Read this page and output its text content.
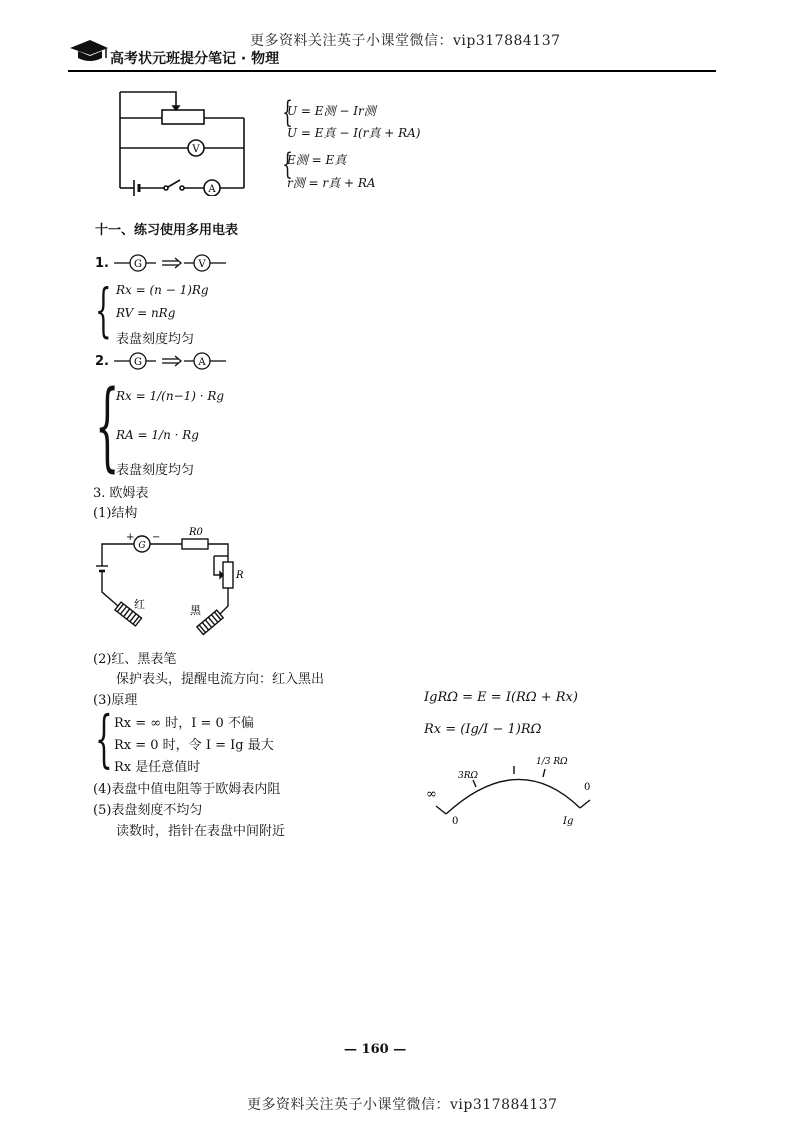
更多资料关注英子小课堂微信：vip317884137
高考状元班提分笔记 · 物理
V
A
{
U = E测 − Ir测
U = E真 − I(r真 + RA)
{
E测 = E真
r测 = r真 + RA
十一、练习使用多用电表
1.	G	V
{ Rx = (n − 1)Rg
RV = nRg
表盘刻度均匀
2.	G	A
{
Rx = 1/(n−1) · Rg
RA = 1/n · Rg
表盘刻度均匀
3. 欧姆表
(1)结构
+ −
G
R0
R
红	黑
(2)红、黑表笔
保护表头，提醒电流方向：红入黑出
(3)原理
{ Rx = ∞ 时，I = 0 不偏
Rx = 0 时，令 I = Ig 最大
Rx 是任意值时
(4)表盘中值电阻等于欧姆表内阻
(5)表盘刻度不均匀
读数时，指针在表盘中间附近
IgRΩ = E = I(RΩ + Rx)
Rx = (Ig/I − 1)RΩ
∞
0
3RΩ
1/3 RΩ
0
Ig
— 160 —
更多资料关注英子小课堂微信：vip317884137
